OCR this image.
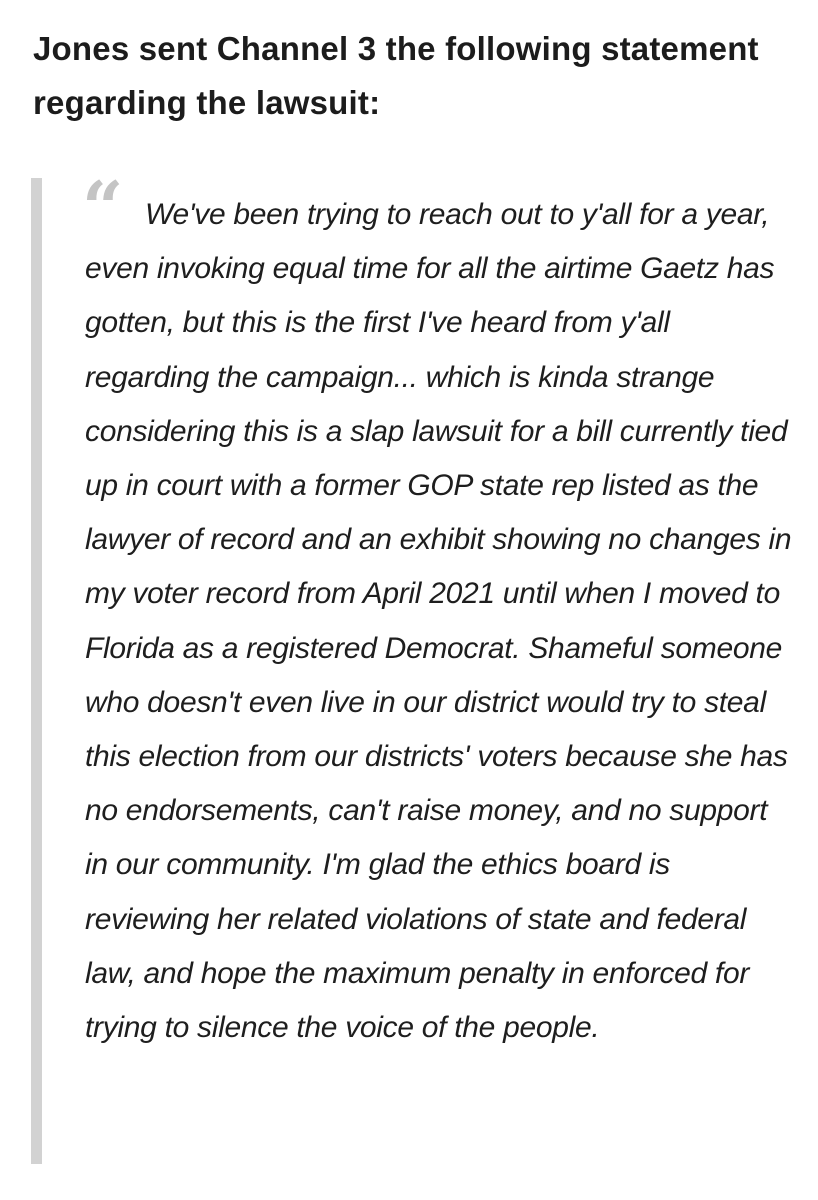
Jones sent Channel 3 the following statement regarding the lawsuit:

“ We've been trying to reach out to y'all for a year, even invoking equal time for all the airtime Gaetz has gotten, but this is the first I've heard from y'all regarding the campaign... which is kinda strange considering this is a slap lawsuit for a bill currently tied up in court with a former GOP state rep listed as the lawyer of record and an exhibit showing no changes in my voter record from April 2021 until when I moved to Florida as a registered Democrat. Shameful someone who doesn't even live in our district would try to steal this election from our districts' voters because she has no endorsements, can't raise money, and no support in our community. I'm glad the ethics board is reviewing her related violations of state and federal law, and hope the maximum penalty in enforced for trying to silence the voice of the people.
